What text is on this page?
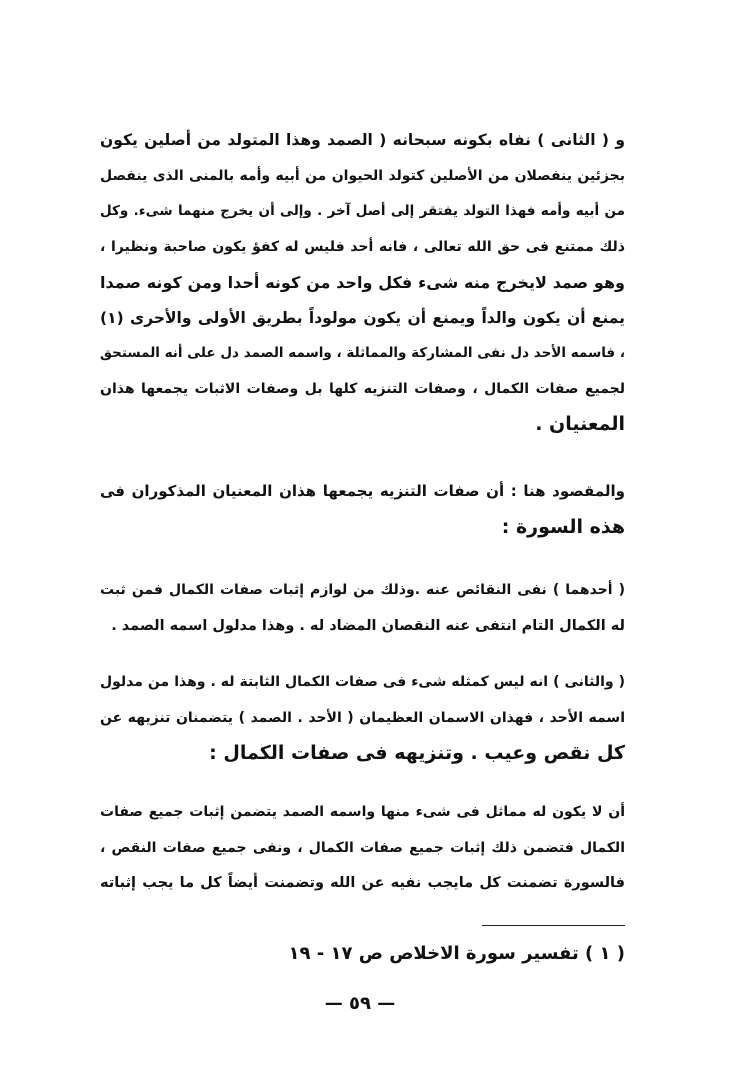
و ( الثانى ) نفاه بكونه سبحانه ( الصمد وهذا المتولد من أصلين يكون
بجزئين ينفصلان من الأصلين كتولد الحيوان من أبيه وأمه بالمنى الذى ينفصل
من أبيه وأمه فهذا التولد يفتقر إلى أصل آخر . وإلى أن يخرج منهما شىء. وكل
ذلك ممتنع فى حق الله تعالى ، فانه أحد فليس له كفؤ يكون صاحبة ونظيرا ،
وهو صمد لايخرج منه شىء فكل واحد من كونه أحدا ومن كونه صمدا
يمنع أن يكون والداً ويمنع أن يكون مولوداً بطريق الأولى والأحرى (١)
، فاسمه الأحد دل نفى المشاركة والمماثلة ، واسمه الصمد دل على أنه المستحق
لجميع صفات الكمال ، وصفات التنزيه كلها بل وصفات الاثبات يجمعها هذان
المعنيان .
والمقصود هنا : أن صفات التنزيه يجمعها هذان المعنيان المذكوران فى
هذه السورة :
( أحدهما ) نفى النقائص عنه .وذلك من لوازم إثبات صفات الكمال فمن ثبت
له الكمال التام انتفى عنه النقصان المضاد له . وهذا مدلول اسمه الصمد .
( والثانى ) انه ليس كمثله شىء فى صفات الكمال الثابتة له . وهذا من مدلول
اسمه الأحد ، فهذان الاسمان العظيمان ( الأحد . الصمد ) يتضمنان تنزيهه عن
كل نقص وعيب . وتنزيهه فى صفات الكمال :
أن لا يكون له مماثل فى شىء منها واسمه الصمد يتضمن إثبات جميع صفات
الكمال فتضمن ذلك إثبات جميع صفات الكمال ، ونفى جميع صفات النقص ،
فالسورة تضمنت كل مايجب نفيه عن الله وتضمنت أيضاً كل ما يجب إثباته
( ١ ) تفسير سورة الاخلاص ص ١٧ - ١٩
— ٥٩ —
